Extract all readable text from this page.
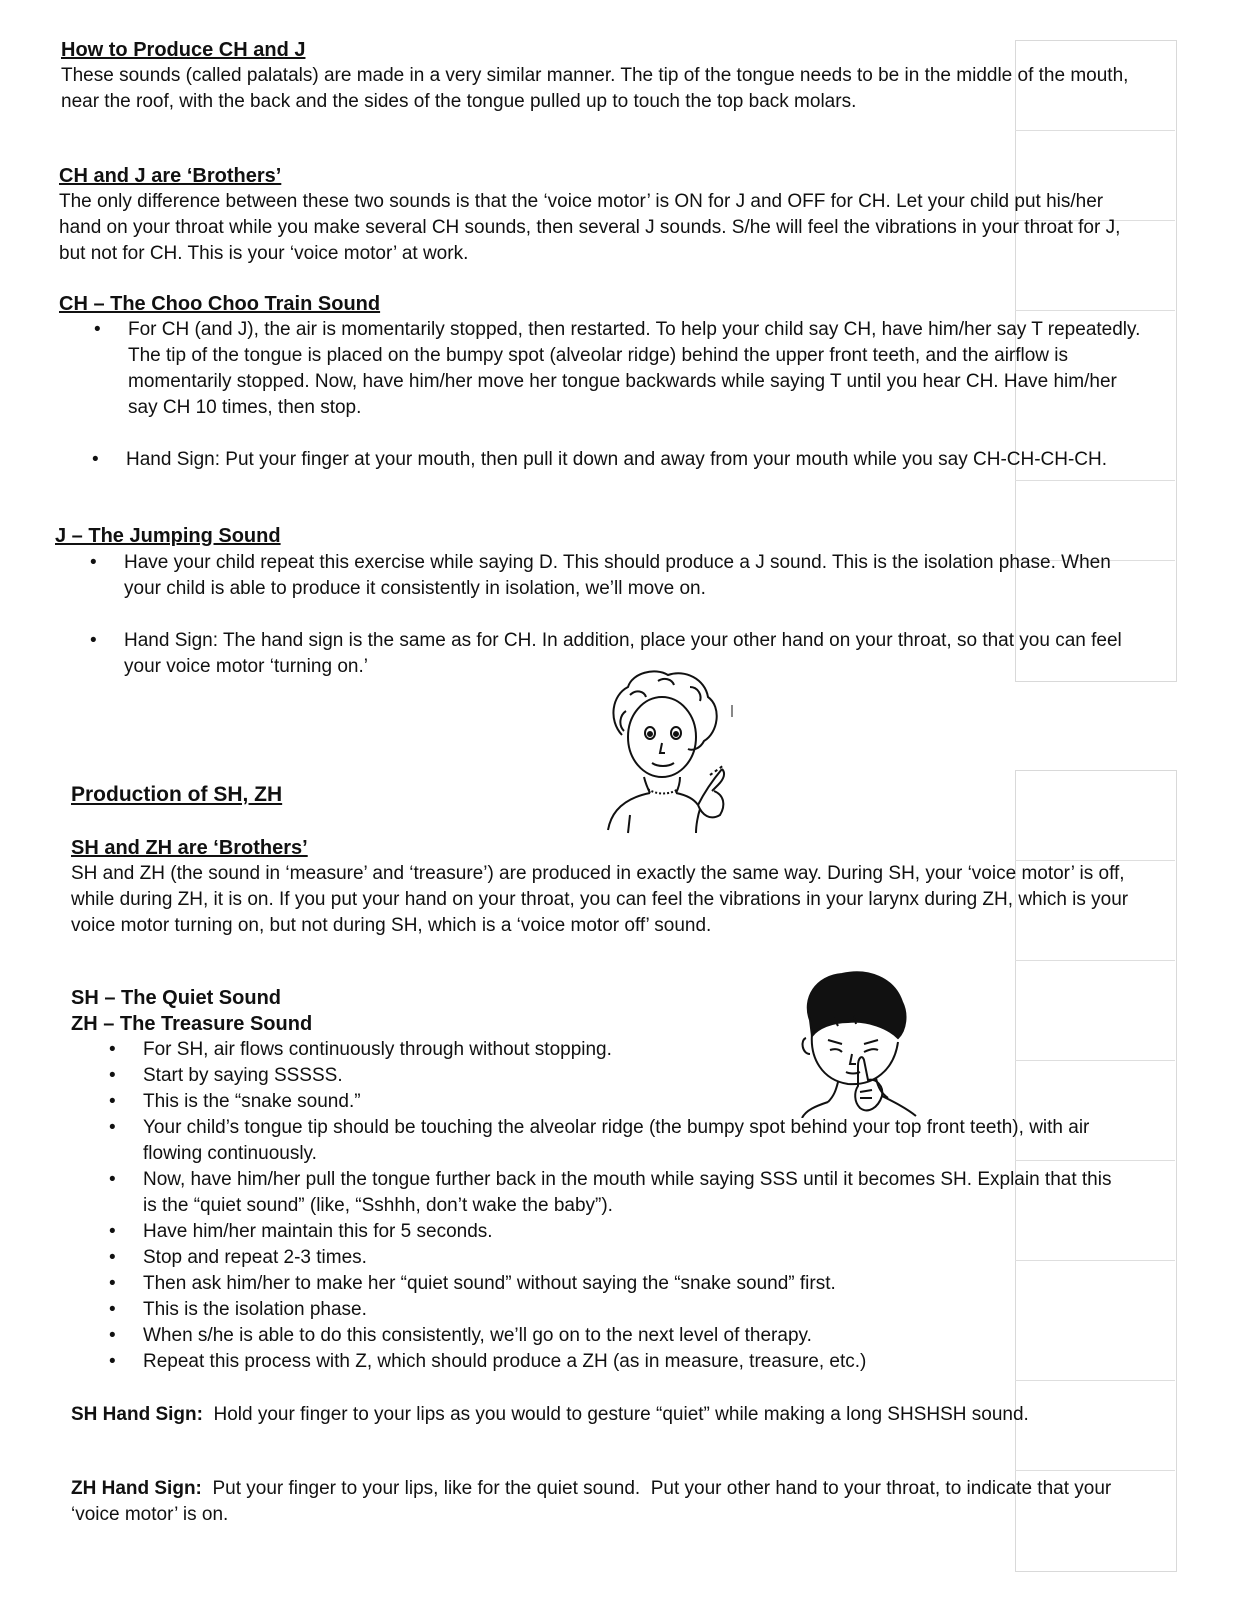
How to Produce CH and J

These sounds (called palatals) are made in a very similar manner. The tip of the tongue needs to be in the middle of the mouth, near the roof, with the back and the sides of the tongue pulled up to touch the top back molars.

CH and J are ‘Brothers’

The only difference between these two sounds is that the ‘voice motor’ is ON for J and OFF for CH. Let your child put his/her hand on your throat while you make several CH sounds, then several J sounds. S/he will feel the vibrations in your throat for J, but not for CH. This is your ‘voice motor’ at work.

CH – The Choo Choo Train Sound

• For CH (and J), the air is momentarily stopped, then restarted. To help your child say CH, have him/her say T repeatedly. The tip of the tongue is placed on the bumpy spot (alveolar ridge) behind the upper front teeth, and the airflow is momentarily stopped. Now, have him/her move her tongue backwards while saying T until you hear CH. Have him/her say CH 10 times, then stop.
• Hand Sign: Put your finger at your mouth, then pull it down and away from your mouth while you say CH-CH-CH-CH.

J – The Jumping Sound

• Have your child repeat this exercise while saying D. This should produce a J sound. This is the isolation phase. When your child is able to produce it consistently in isolation, we’ll move on.
• Hand Sign: The hand sign is the same as for CH. In addition, place your other hand on your throat, so that you can feel your voice motor ‘turning on.’

Production of SH, ZH

SH and ZH are ‘Brothers’

SH and ZH (the sound in ‘measure’ and ‘treasure’) are produced in exactly the same way. During SH, your ‘voice motor’ is off, while during ZH, it is on. If you put your hand on your throat, you can feel the vibrations in your larynx during ZH, which is your voice motor turning on, but not during SH, which is a ‘voice motor off’ sound.

SH – The Quiet Sound

ZH – The Treasure Sound

• For SH, air flows continuously through without stopping.
• Start by saying SSSSS.
• This is the “snake sound.”
• Your child’s tongue tip should be touching the alveolar ridge (the bumpy spot behind your top front teeth), with air flowing continuously.
• Now, have him/her pull the tongue further back in the mouth while saying SSS until it becomes SH. Explain that this is the “quiet sound” (like, “Sshhh, don’t wake the baby”).
• Have him/her maintain this for 5 seconds.
• Stop and repeat 2-3 times.
• Then ask him/her to make her “quiet sound” without saying the “snake sound” first.
• This is the isolation phase.
• When s/he is able to do this consistently, we’ll go on to the next level of therapy.
• Repeat this process with Z, which should produce a ZH (as in measure, treasure, etc.)

SH Hand Sign:  Hold your finger to your lips as you would to gesture “quiet” while making a long SHSHSH sound.

ZH Hand Sign:  Put your finger to your lips, like for the quiet sound.  Put your other hand to your throat, to indicate that your ‘voice motor’ is on.
